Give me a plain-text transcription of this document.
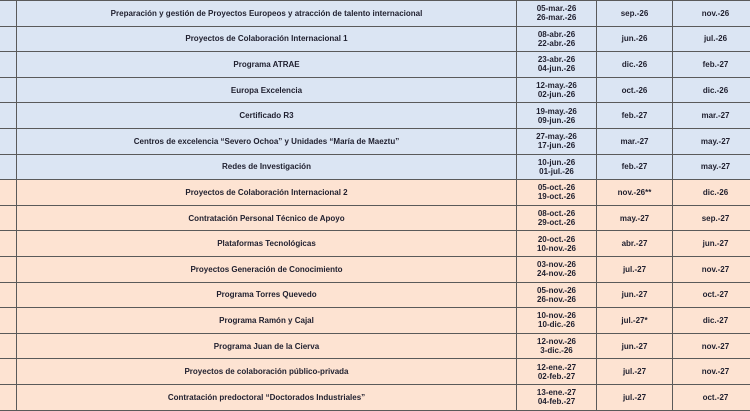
	Preparación y gestión de Proyectos Europeos y atracción de talento internacional	05-mar.-26
26-mar.-26	sep.-26	nov.-26
	Proyectos de Colaboración Internacional 1	08-abr.-26
22-abr.-26	jun.-26	jul.-26
	Programa ATRAE	23-abr.-26
04-jun.-26	dic.-26	feb.-27
	Europa Excelencia	12-may.-26
02-jun.-26	oct.-26	dic.-26
	Certificado R3	19-may.-26
09-jun.-26	feb.-27	mar.-27
	Centros de excelencia “Severo Ochoa” y Unidades “María de Maeztu”	27-may.-26
17-jun.-26	mar.-27	may.-27
	Redes de Investigación	10-jun.-26
01-jul.-26	feb.-27	may.-27
	Proyectos de Colaboración Internacional 2	05-oct.-26
19-oct.-26	nov.-26**	dic.-26
	Contratación Personal Técnico de Apoyo	08-oct.-26
29-oct.-26	may.-27	sep.-27
	Plataformas Tecnológicas	20-oct.-26
10-nov.-26	abr.-27	jun.-27
	Proyectos Generación de Conocimiento	03-nov.-26
24-nov.-26	jul.-27	nov.-27
	Programa Torres Quevedo	05-nov.-26
26-nov.-26	jun.-27	oct.-27
	Programa Ramón y Cajal	10-nov.-26
10-dic.-26	jul.-27*	dic.-27
	Programa Juan de la Cierva	12-nov.-26
3-dic.-26	jun.-27	nov.-27
	Proyectos de colaboración público-privada	12-ene.-27
02-feb.-27	jul.-27	nov.-27
	Contratación predoctoral “Doctorados Industriales”	13-ene.-27
04-feb.-27	jul.-27	oct.-27
